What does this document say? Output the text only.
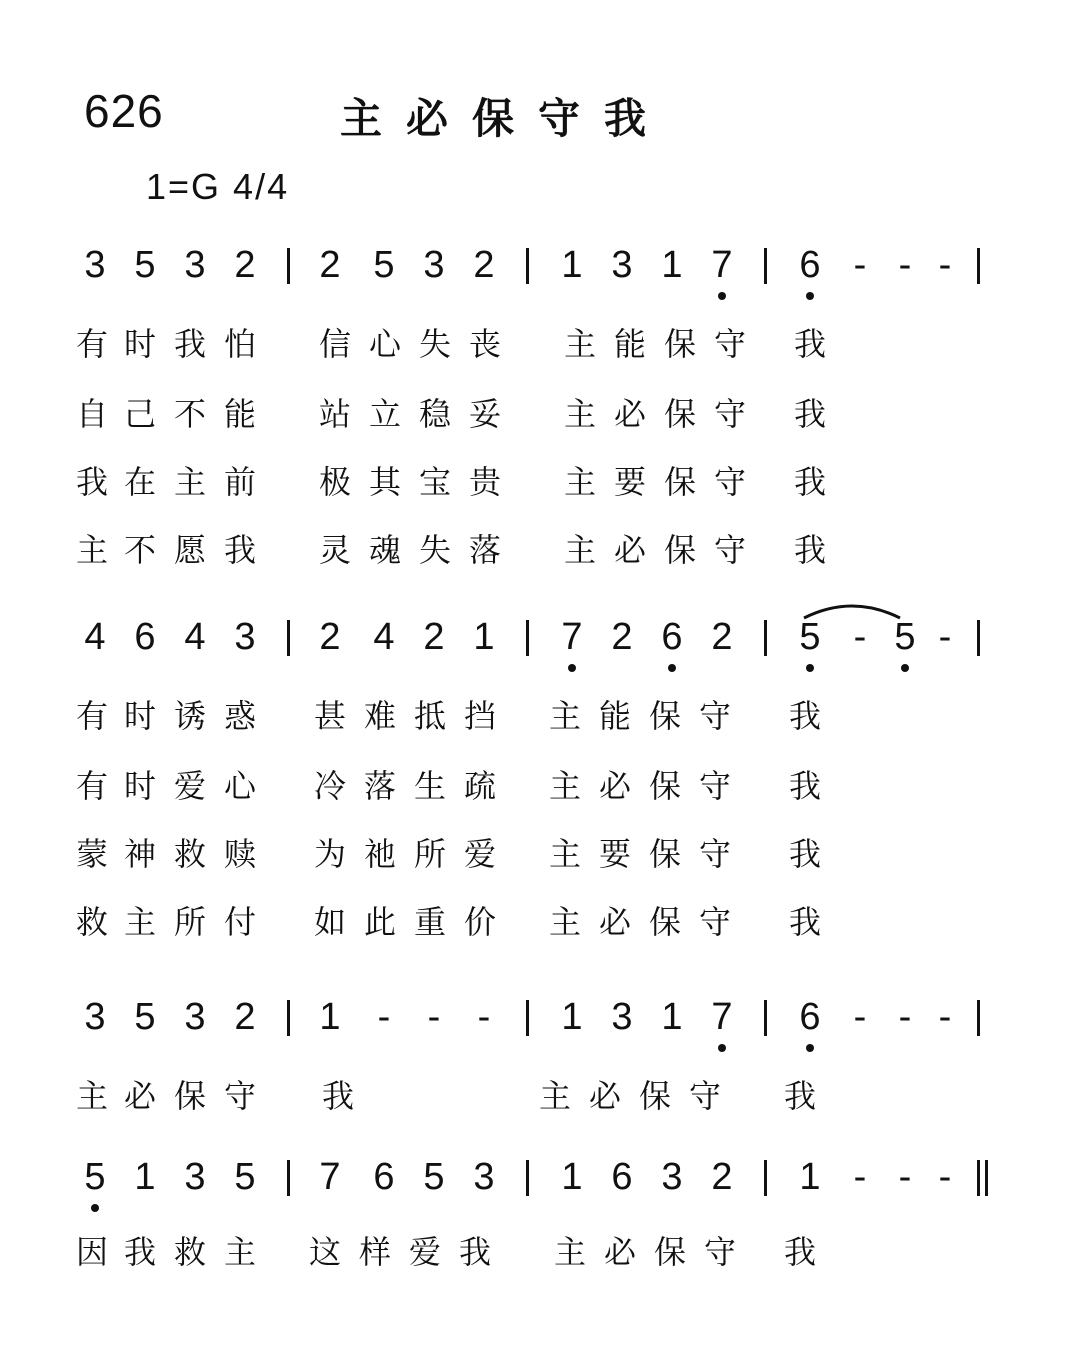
626	主必保守我
1=G 4/4
3 5 3 2 2 5 3 2 1 3 1 7 6 - - -
有 时 我 怕 信 心 失 丧 主 能 保 守 我
自 己 不 能 站 立 稳 妥 主 必 保 守 我
我 在 主 前 极 其 宝 贵 主 要 保 守 我
主 不 愿 我 灵 魂 失 落 主 必 保 守 我
4 6 4 3 2 4 2 1 7 2 6 2 5 - 5 -
有 时 诱 惑 甚 难 抵 挡 主 能 保 守 我
有 时 爱 心 冷 落 生 疏 主 必 保 守 我
蒙 神 救 赎 为 祂 所 爱 主 要 保 守 我
救 主 所 付 如 此 重 价 主 必 保 守 我
3 5 3 2 1 - - - 1 3 1 7 6 - - -
主 必 保 守 我	主 必 保 守 我
5 1 3 5 7 6 5 3 1 6 3 2 1 - - -
因 我 救 主 这 样 爱 我 主 必 保 守 我
